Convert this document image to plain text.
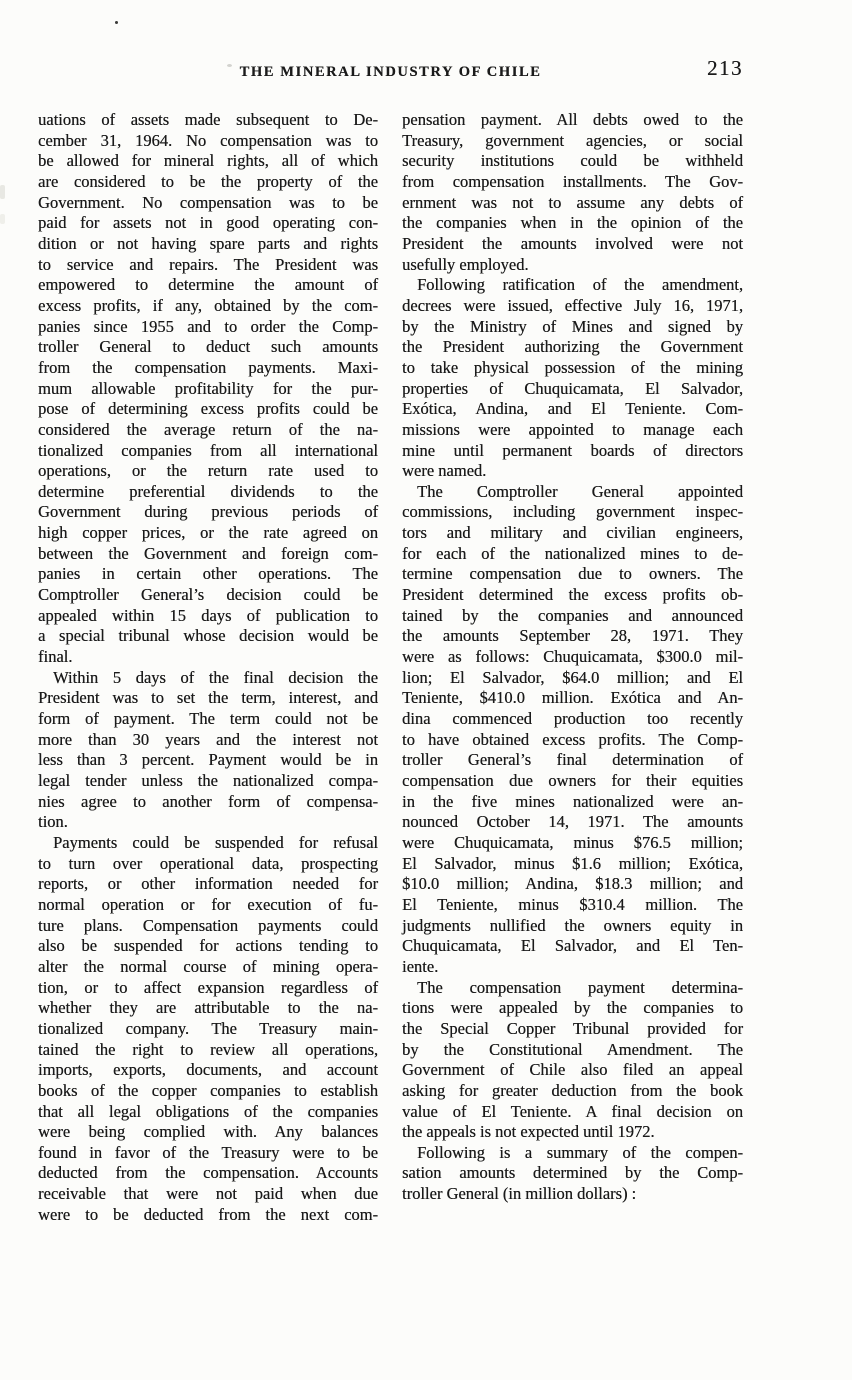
THE MINERAL INDUSTRY OF CHILE	213
uations of assets made subsequent to De-
cember 31, 1964. No compensation was to
be allowed for mineral rights, all of which
are considered to be the property of the
Government. No compensation was to be
paid for assets not in good operating con-
dition or not having spare parts and rights
to service and repairs. The President was
empowered to determine the amount of
excess profits, if any, obtained by the com-
panies since 1955 and to order the Comp-
troller General to deduct such amounts
from the compensation payments. Maxi-
mum allowable profitability for the pur-
pose of determining excess profits could be
considered the average return of the na-
tionalized companies from all international
operations, or the return rate used to
determine preferential dividends to the
Government during previous periods of
high copper prices, or the rate agreed on
between the Government and foreign com-
panies in certain other operations. The
Comptroller General’s decision could be
appealed within 15 days of publication to
a special tribunal whose decision would be
final.
Within 5 days of the final decision the
President was to set the term, interest, and
form of payment. The term could not be
more than 30 years and the interest not
less than 3 percent. Payment would be in
legal tender unless the nationalized compa-
nies agree to another form of compensa-
tion.
Payments could be suspended for refusal
to turn over operational data, prospecting
reports, or other information needed for
normal operation or for execution of fu-
ture plans. Compensation payments could
also be suspended for actions tending to
alter the normal course of mining opera-
tion, or to affect expansion regardless of
whether they are attributable to the na-
tionalized company. The Treasury main-
tained the right to review all operations,
imports, exports, documents, and account
books of the copper companies to establish
that all legal obligations of the companies
were being complied with. Any balances
found in favor of the Treasury were to be
deducted from the compensation. Accounts
receivable that were not paid when due
were to be deducted from the next com-
pensation payment. All debts owed to the
Treasury, government agencies, or social
security institutions could be withheld
from compensation installments. The Gov-
ernment was not to assume any debts of
the companies when in the opinion of the
President the amounts involved were not
usefully employed.
Following ratification of the amendment,
decrees were issued, effective July 16, 1971,
by the Ministry of Mines and signed by
the President authorizing the Government
to take physical possession of the mining
properties of Chuquicamata, El Salvador,
Exótica, Andina, and El Teniente. Com-
missions were appointed to manage each
mine until permanent boards of directors
were named.
The Comptroller General appointed
commissions, including government inspec-
tors and military and civilian engineers,
for each of the nationalized mines to de-
termine compensation due to owners. The
President determined the excess profits ob-
tained by the companies and announced
the amounts September 28, 1971. They
were as follows: Chuquicamata, $300.0 mil-
lion; El Salvador, $64.0 million; and El
Teniente, $410.0 million. Exótica and An-
dina commenced production too recently
to have obtained excess profits. The Comp-
troller General’s final determination of
compensation due owners for their equities
in the five mines nationalized were an-
nounced October 14, 1971. The amounts
were Chuquicamata, minus $76.5 million;
El Salvador, minus $1.6 million; Exótica,
$10.0 million; Andina, $18.3 million; and
El Teniente, minus $310.4 million. The
judgments nullified the owners equity in
Chuquicamata, El Salvador, and El Ten-
iente.
The compensation payment determina-
tions were appealed by the companies to
the Special Copper Tribunal provided for
by the Constitutional Amendment. The
Government of Chile also filed an appeal
asking for greater deduction from the book
value of El Teniente. A final decision on
the appeals is not expected until 1972.
Following is a summary of the compen-
sation amounts determined by the Comp-
troller General (in million dollars) :
